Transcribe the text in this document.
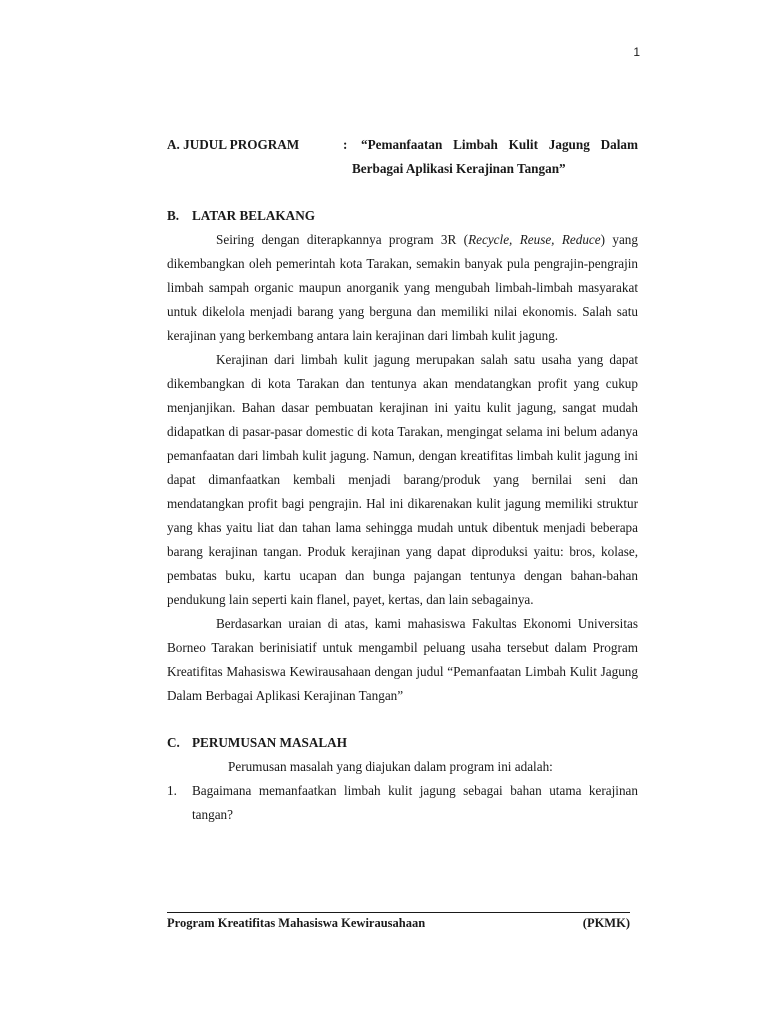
1
A. JUDUL PROGRAM	:	“Pemanfaatan Limbah Kulit Jagung Dalam
Berbagai Aplikasi Kerajinan Tangan”
B. LATAR BELAKANG

Seiring dengan diterapkannya program 3R (Recycle, Reuse, Reduce) yang dikembangkan oleh pemerintah kota Tarakan, semakin banyak pula pengrajin-pengrajin limbah sampah organic maupun anorganik yang mengubah limbah-limbah masyarakat untuk dikelola menjadi barang yang berguna dan memiliki nilai ekonomis. Salah satu kerajinan yang berkembang antara lain kerajinan dari limbah kulit jagung.

Kerajinan dari limbah kulit jagung merupakan salah satu usaha yang dapat dikembangkan di kota Tarakan dan tentunya akan mendatangkan profit yang cukup menjanjikan. Bahan dasar pembuatan kerajinan ini yaitu kulit jagung, sangat mudah didapatkan di pasar-pasar domestic di kota Tarakan, mengingat selama ini belum adanya pemanfaatan dari limbah kulit jagung. Namun, dengan kreatifitas limbah kulit jagung ini dapat dimanfaatkan kembali menjadi barang/produk yang bernilai seni dan mendatangkan profit bagi pengrajin. Hal ini dikarenakan kulit jagung memiliki struktur yang khas yaitu liat dan tahan lama sehingga mudah untuk dibentuk menjadi beberapa barang kerajinan tangan. Produk kerajinan yang dapat diproduksi yaitu: bros, kolase, pembatas buku, kartu ucapan dan bunga pajangan tentunya dengan bahan-bahan pendukung lain seperti kain flanel, payet, kertas, dan lain sebagainya.

Berdasarkan uraian di atas, kami mahasiswa Fakultas Ekonomi Universitas Borneo Tarakan berinisiatif untuk mengambil peluang usaha tersebut dalam Program Kreatifitas Mahasiswa Kewirausahaan dengan judul “Pemanfaatan Limbah Kulit Jagung Dalam Berbagai Aplikasi Kerajinan Tangan”

C. PERUMUSAN MASALAH

Perumusan masalah yang diajukan dalam program ini adalah:

1.	Bagaimana memanfaatkan limbah kulit jagung sebagai bahan utama kerajinan tangan?
Program Kreatifitas Mahasiswa Kewirausahaan	(PKMK)
